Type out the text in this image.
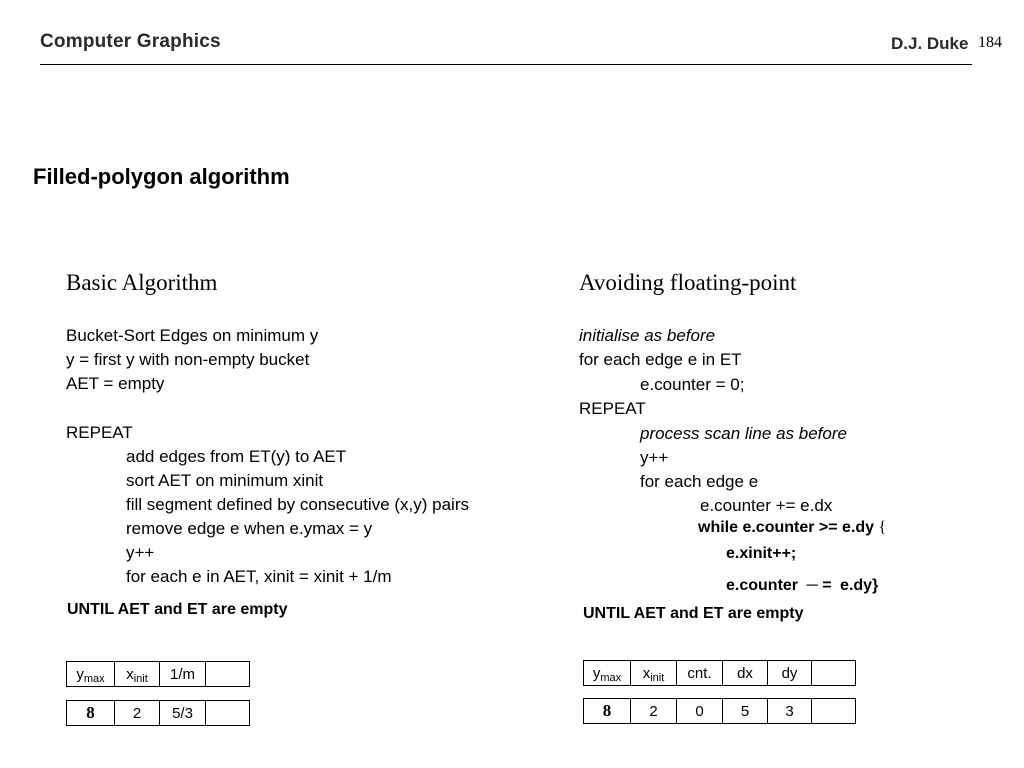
Computer Graphics	D.J. Duke 184
Filled-polygon algorithm
Basic Algorithm
Bucket-Sort Edges on minimum y
y = first y with non-empty bucket
AET = empty
REPEAT
add edges from ET(y) to AET
sort AET on minimum xinit
fill segment defined by consecutive (x,y) pairs
remove edge e when e.ymax = y
y++
for each e in AET, xinit = xinit + 1/m
UNTIL AET and ET are empty
$y_{max}$	$x_{init}$	1/m	
8	2	5/3	
Avoiding floating-point
initialise as before
for each edge e in ET
e.counter = 0;
REPEAT
process scan line as before
y++
for each edge e
e.counter += e.dx
while e.counter >= e.dy {
e.xinit++;
e.counter ─ = e.dy}
UNTIL AET and ET are empty
$y_{max}$	$x_{init}$	cnt.	dx	dy	
8	2	0	5	3	
